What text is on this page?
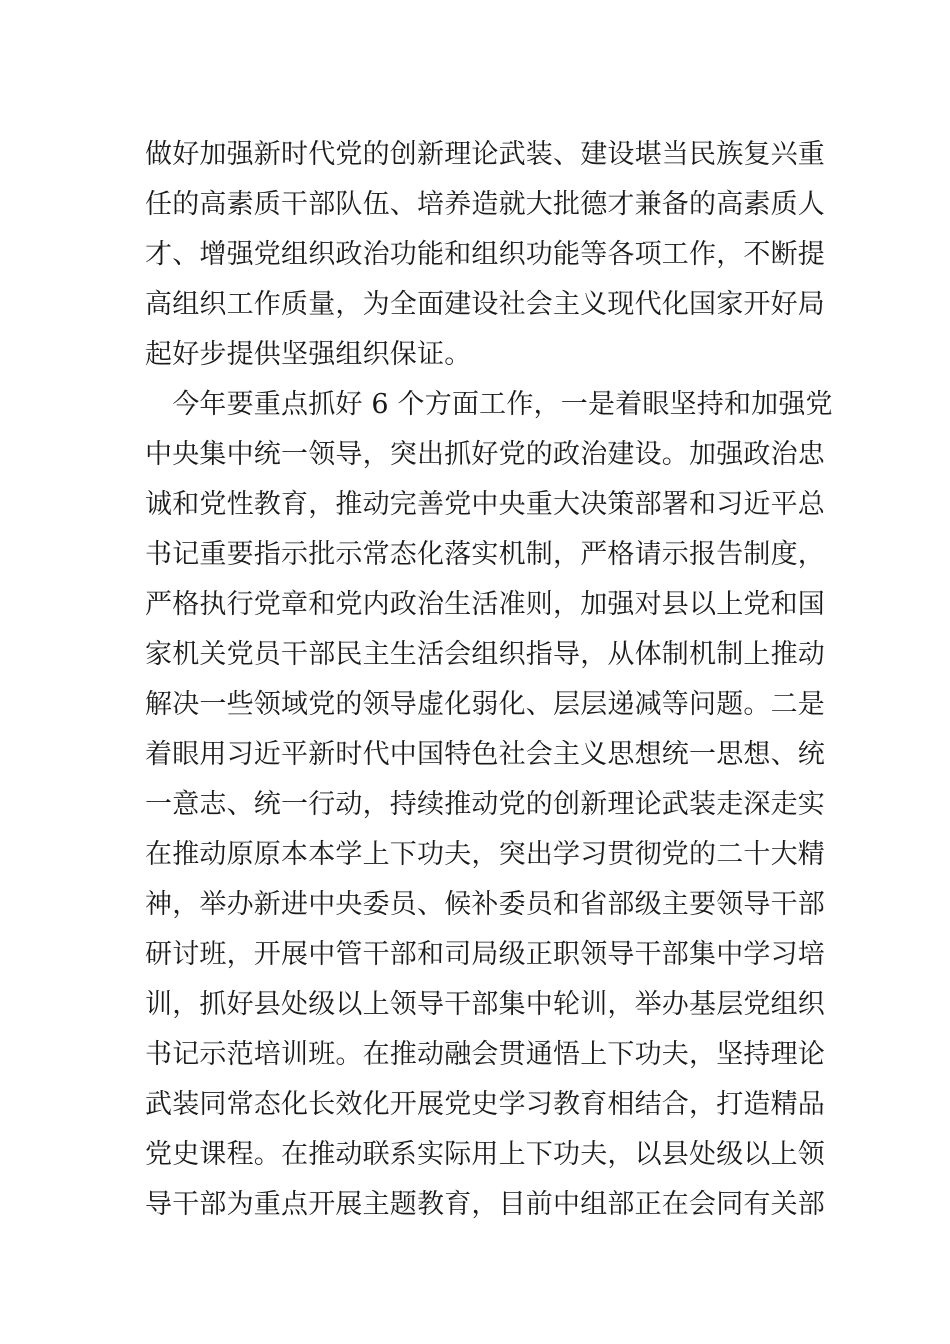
做好加强新时代党的创新理论武装、建设堪当民族复兴重
任的高素质干部队伍、培养造就大批德才兼备的高素质人
才、增强党组织政治功能和组织功能等各项工作，不断提
高组织工作质量，为全面建设社会主义现代化国家开好局
起好步提供坚强组织保证。
　今年要重点抓好 6 个方面工作，一是着眼坚持和加强党
中央集中统一领导，突出抓好党的政治建设。加强政治忠
诚和党性教育，推动完善党中央重大决策部署和习近平总
书记重要指示批示常态化落实机制，严格请示报告制度，
严格执行党章和党内政治生活准则，加强对县以上党和国
家机关党员干部民主生活会组织指导，从体制机制上推动
解决一些领域党的领导虚化弱化、层层递减等问题。二是
着眼用习近平新时代中国特色社会主义思想统一思想、统
一意志、统一行动，持续推动党的创新理论武装走深走实
在推动原原本本学上下功夫，突出学习贯彻党的二十大精
神，举办新进中央委员、候补委员和省部级主要领导干部
研讨班，开展中管干部和司局级正职领导干部集中学习培
训，抓好县处级以上领导干部集中轮训，举办基层党组织
书记示范培训班。在推动融会贯通悟上下功夫，坚持理论
武装同常态化长效化开展党史学习教育相结合，打造精品
党史课程。在推动联系实际用上下功夫，以县处级以上领
导干部为重点开展主题教育，目前中组部正在会同有关部
